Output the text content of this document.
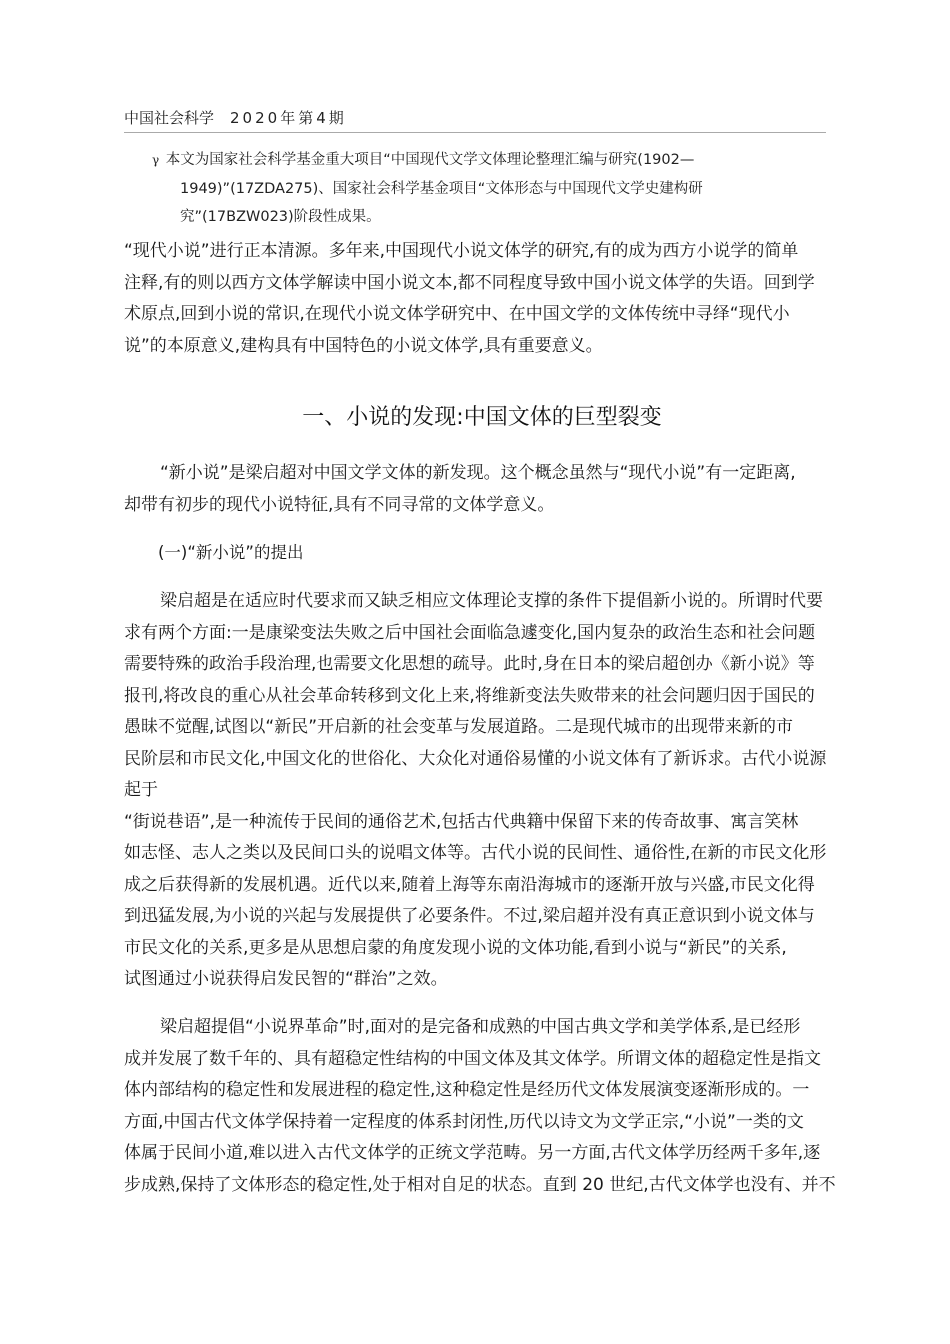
中国社会科学 2020年第4期
γ 本文为国家社会科学基金重大项目“中国现代文学文体理论整理汇编与研究(1902—
1949)”(17ZDA275)、国家社会科学基金项目“文体形态与中国现代文学史建构研
究”(17BZW023)阶段性成果。
“现代小说”进行正本清源。多年来,中国现代小说文体学的研究,有的成为西方小说学的简单
注释,有的则以西方文体学解读中国小说文本,都不同程度导致中国小说文体学的失语。回到学
术原点,回到小说的常识,在现代小说文体学研究中、在中国文学的文体传统中寻绎“现代小
说”的本原意义,建构具有中国特色的小说文体学,具有重要意义。
一、小说的发现:中国文体的巨型裂变
“新小说”是梁启超对中国文学文体的新发现。这个概念虽然与“现代小说”有一定距离,
却带有初步的现代小说特征,具有不同寻常的文体学意义。
(一)“新小说”的提出
梁启超是在适应时代要求而又缺乏相应文体理论支撑的条件下提倡新小说的。所谓时代要
求有两个方面:一是康梁变法失败之后中国社会面临急遽变化,国内复杂的政治生态和社会问题
需要特殊的政治手段治理,也需要文化思想的疏导。此时,身在日本的梁启超创办《新小说》等
报刊,将改良的重心从社会革命转移到文化上来,将维新变法失败带来的社会问题归因于国民的
愚昧不觉醒,试图以“新民”开启新的社会变革与发展道路。二是现代城市的出现带来新的市
民阶层和市民文化,中国文化的世俗化、大众化对通俗易懂的小说文体有了新诉求。古代小说源
起于
“街说巷语”,是一种流传于民间的通俗艺术,包括古代典籍中保留下来的传奇故事、寓言笑林
如志怪、志人之类以及民间口头的说唱文体等。古代小说的民间性、通俗性,在新的市民文化形
成之后获得新的发展机遇。近代以来,随着上海等东南沿海城市的逐渐开放与兴盛,市民文化得
到迅猛发展,为小说的兴起与发展提供了必要条件。不过,梁启超并没有真正意识到小说文体与
市民文化的关系,更多是从思想启蒙的角度发现小说的文体功能,看到小说与“新民”的关系,
试图通过小说获得启发民智的“群治”之效。
梁启超提倡“小说界革命”时,面对的是完备和成熟的中国古典文学和美学体系,是已经形
成并发展了数千年的、具有超稳定性结构的中国文体及其文体学。所谓文体的超稳定性是指文
体内部结构的稳定性和发展进程的稳定性,这种稳定性是经历代文体发展演变逐渐形成的。一
方面,中国古代文体学保持着一定程度的体系封闭性,历代以诗文为文学正宗,“小说”一类的文
体属于民间小道,难以进入古代文体学的正统文学范畴。另一方面,古代文体学历经两千多年,逐
步成熟,保持了文体形态的稳定性,处于相对自足的状态。直到 20 世纪,古代文体学也没有、并不
